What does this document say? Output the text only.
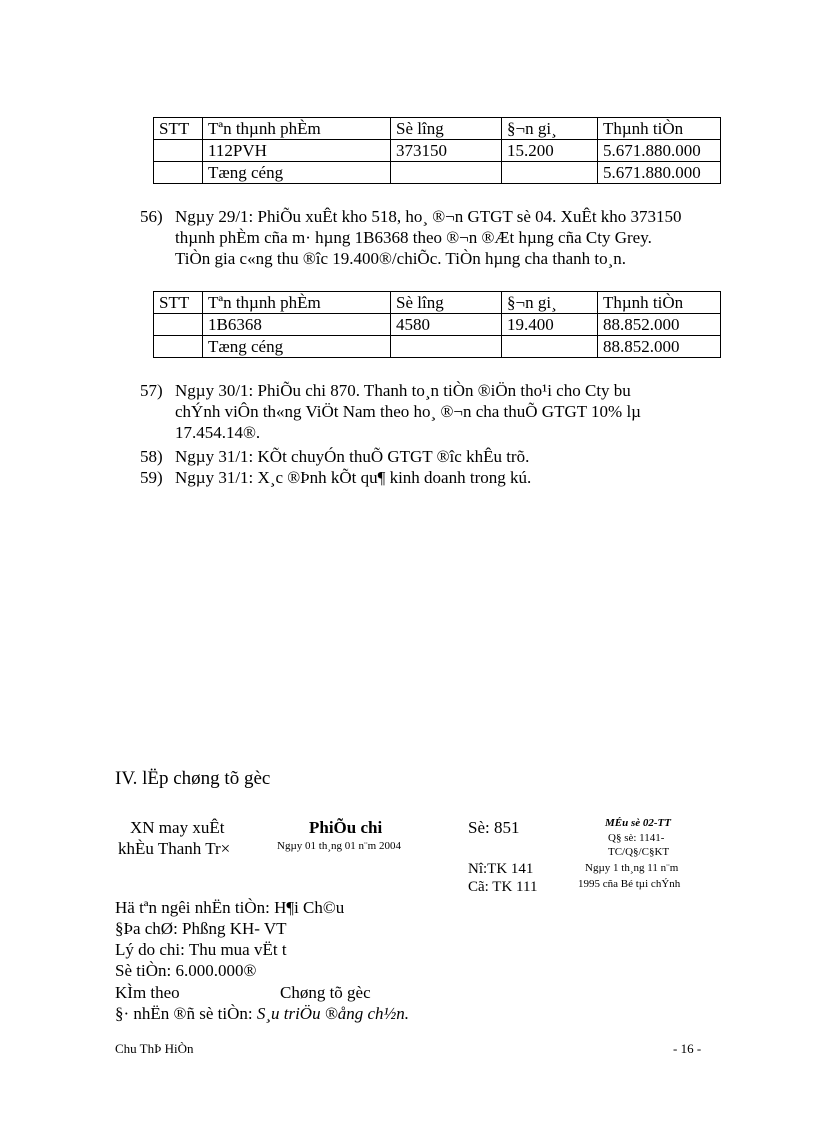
STT	Tªn thµnh phÈm	Sè lîng	§¬n gi¸	Thµnh tiÒn
	112PVH	373150	15.200	5.671.880.000
	Tæng céng			5.671.880.000
56) Ngµy 29/1: PhiÕu xuÊt kho 518, ho¸ ®¬n GTGT sè 04. XuÊt kho 373150
thµnh phÈm cña m· hµng 1B6368 theo ®¬n ®Æt hµng cña Cty Grey.
TiÒn gia c«ng thu ®îc 19.400®/chiÕc. TiÒn hµng cha thanh to¸n.
STT	Tªn thµnh phÈm	Sè lîng	§¬n gi¸	Thµnh tiÒn
	1B6368	4580	19.400	88.852.000
	Tæng céng			88.852.000
57) Ngµy 30/1: PhiÕu chi 870. Thanh to¸n tiÒn ®iÖn tho¹i cho Cty bu
chÝnh viÔn th«ng ViÖt Nam theo ho¸ ®¬n cha thuÕ GTGT 10% lµ
17.454.14®.
58) Ngµy 31/1: KÕt chuyÓn thuÕ GTGT ®îc khÊu trõ.
59) Ngµy 31/1: X¸c ®Þnh kÕt qu¶ kinh doanh trong kú.
IV. lËp chøng tõ gèc
XN may xuÊt
khÈu Thanh Tr×
PhiÕu chi
Ngµy 01 th¸ng 01 n¨m 2004
Sè: 851
Nî:TK 141
Cã: TK 111
MÉu sè 02-TT
Q§ sè: 1141-
TC/Q§/C§KT
Ngµy 1 th¸ng 11 n¨m
1995 cña Bé tµi chÝnh
Hä tªn ngêi nhËn tiÒn: H¶i Ch©u
§Þa chØ: Phßng KH- VT
Lý do chi: Thu mua vËt t
Sè tiÒn: 6.000.000®
KÌm theo	Chøng tõ gèc
§· nhËn ®ñ sè tiÒn: S¸u triÖu ®ång ch½n.
Chu ThÞ HiÒn	- 16 -
